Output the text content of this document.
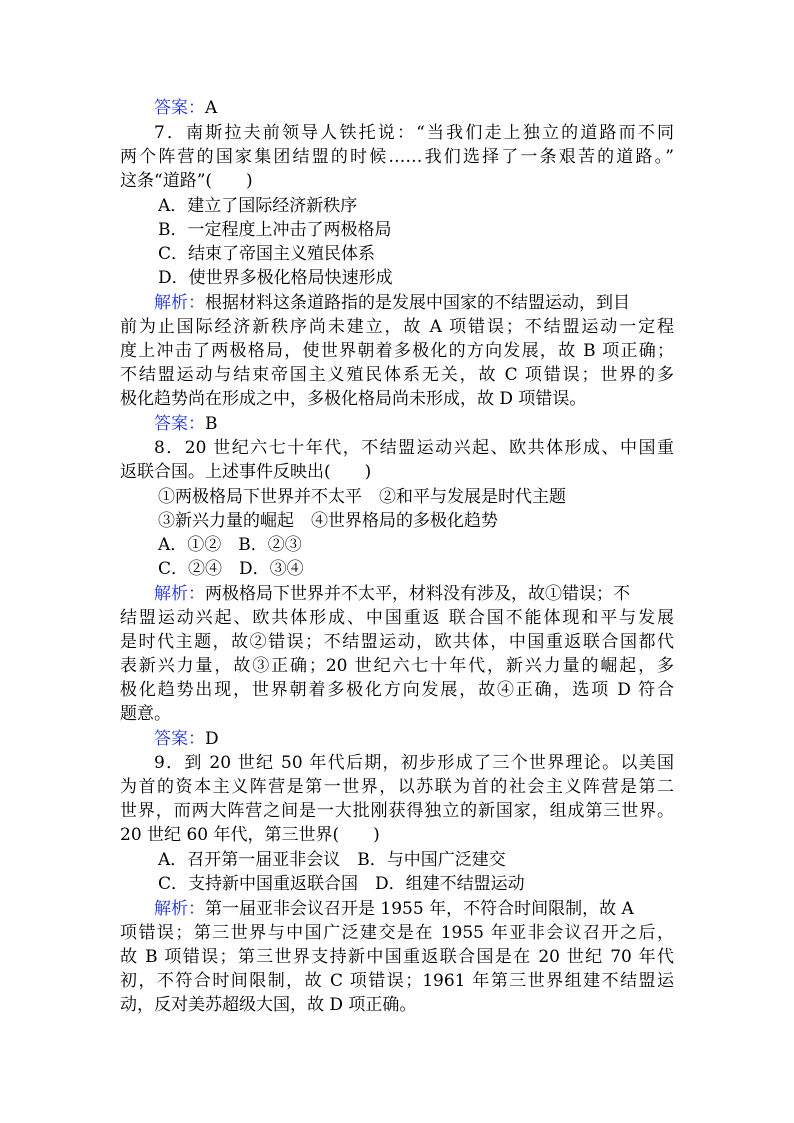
答案：A
7．南斯拉夫前领导人铁托说：“当我们走上独立的道路而不同
两个阵营的国家集团结盟的时候……我们选择了一条艰苦的道路。”
这条“道路”(　　)
A．建立了国际经济新秩序
B．一定程度上冲击了两极格局
C．结束了帝国主义殖民体系
D．使世界多极化格局快速形成
解析：根据材料这条道路指的是发展中国家的不结盟运动，到目
前为止国际经济新秩序尚未建立，故 A 项错误；不结盟运动一定程
度上冲击了两极格局，使世界朝着多极化的方向发展，故 B 项正确；
不结盟运动与结束帝国主义殖民体系无关，故 C 项错误；世界的多
极化趋势尚在形成之中，多极化格局尚未形成，故 D 项错误。
答案：B
8．20 世纪六七十年代，不结盟运动兴起、欧共体形成、中国重
返联合国。上述事件反映出(　　)
①两极格局下世界并不太平　②和平与发展是时代主题
③新兴力量的崛起　④世界格局的多极化趋势
A．①②　B．②③
C．②④　D．③④
解析：两极格局下世界并不太平，材料没有涉及，故①错误；不
结盟运动兴起、欧共体形成、中国重返 联合国不能体现和平与发展
是时代主题，故②错误；不结盟运动，欧共体，中国重返联合国都代
表新兴力量，故③正确；20 世纪六七十年代，新兴力量的崛起，多
极化趋势出现，世界朝着多极化方向发展，故④正确，选项 D 符合
题意。
答案：D
9．到 20 世纪 50 年代后期，初步形成了三个世界理论。以美国
为首的资本主义阵营是第一世界，以苏联为首的社会主义阵营是第二
世界，而两大阵营之间是一大批刚获得独立的新国家，组成第三世界。
20 世纪 60 年代，第三世界(　　)
A．召开第一届亚非会议　B．与中国广泛建交
C．支持新中国重返联合国　D．组建不结盟运动
解析：第一届亚非会议召开是 1955 年，不符合时间限制，故 A
项错误；第三世界与中国广泛建交是在 1955 年亚非会议召开之后，
故 B 项错误；第三世界支持新中国重返联合国是在 20 世纪 70 年代
初，不符合时间限制，故 C 项错误；1961 年第三世界组建不结盟运
动，反对美苏超级大国，故 D 项正确。
